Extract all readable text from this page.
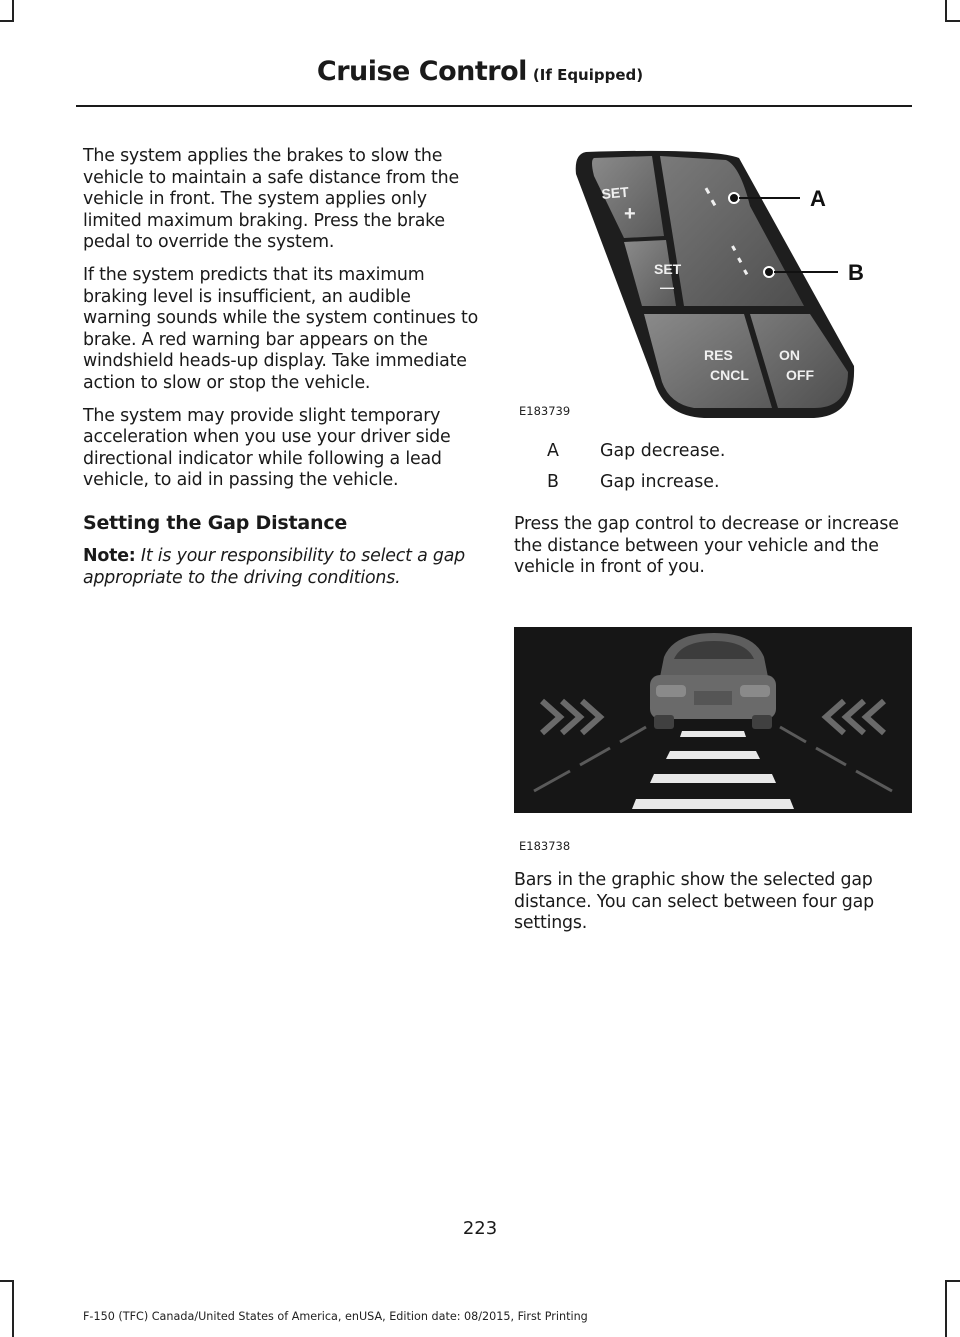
Cruise Control (If Equipped)

The system applies the brakes to slow the vehicle to maintain a safe distance from the vehicle in front. The system applies only limited maximum braking. Press the brake pedal to override the system.

If the system predicts that its maximum braking level is insufficient, an audible warning sounds while the system continues to brake. A red warning bar appears on the windshield heads-up display. Take immediate action to slow or stop the vehicle.

The system may provide slight temporary acceleration when you use your driver side directional indicator while following a lead vehicle, to aid in passing the vehicle.

Setting the Gap Distance

Note: It is your responsibility to select a gap appropriate to the driving conditions.

SET
+
SET
—
RES
CNCL
ON
OFF
A
B
E183739
A	Gap decrease.
B	Gap increase.

Press the gap control to decrease or increase the distance between your vehicle and the vehicle in front of you.

E183738

Bars in the graphic show the selected gap distance. You can select between four gap settings.

223
F-150 (TFC) Canada/United States of America, enUSA, Edition date: 08/2015, First Printing
